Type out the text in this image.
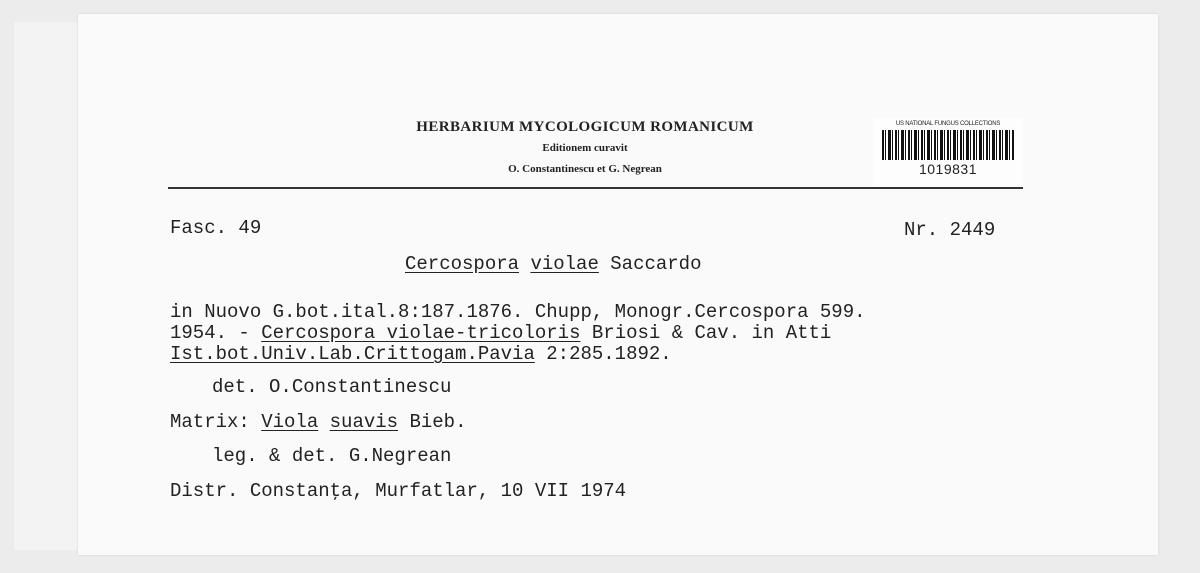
HERBARIUM MYCOLOGICUM ROMANICUM
Editionem curavit
O. Constantinescu et G. Negrean
US NATIONAL FUNGUS COLLECTIONS
1019831
Fasc. 49	Nr. 2449
Cercospora violae Saccardo
in Nuovo G.bot.ital.8:187.1876. Chupp, Monogr.Cercospora 599.
1954. - Cercospora violae-tricoloris Briosi & Cav. in Atti
Ist.bot.Univ.Lab.Crittogam.Pavia 2:285.1892.
det. O.Constantinescu
Matrix: Viola suavis Bieb.
leg. & det. G.Negrean
Distr. Constanţa, Murfatlar, 10 VII 1974
